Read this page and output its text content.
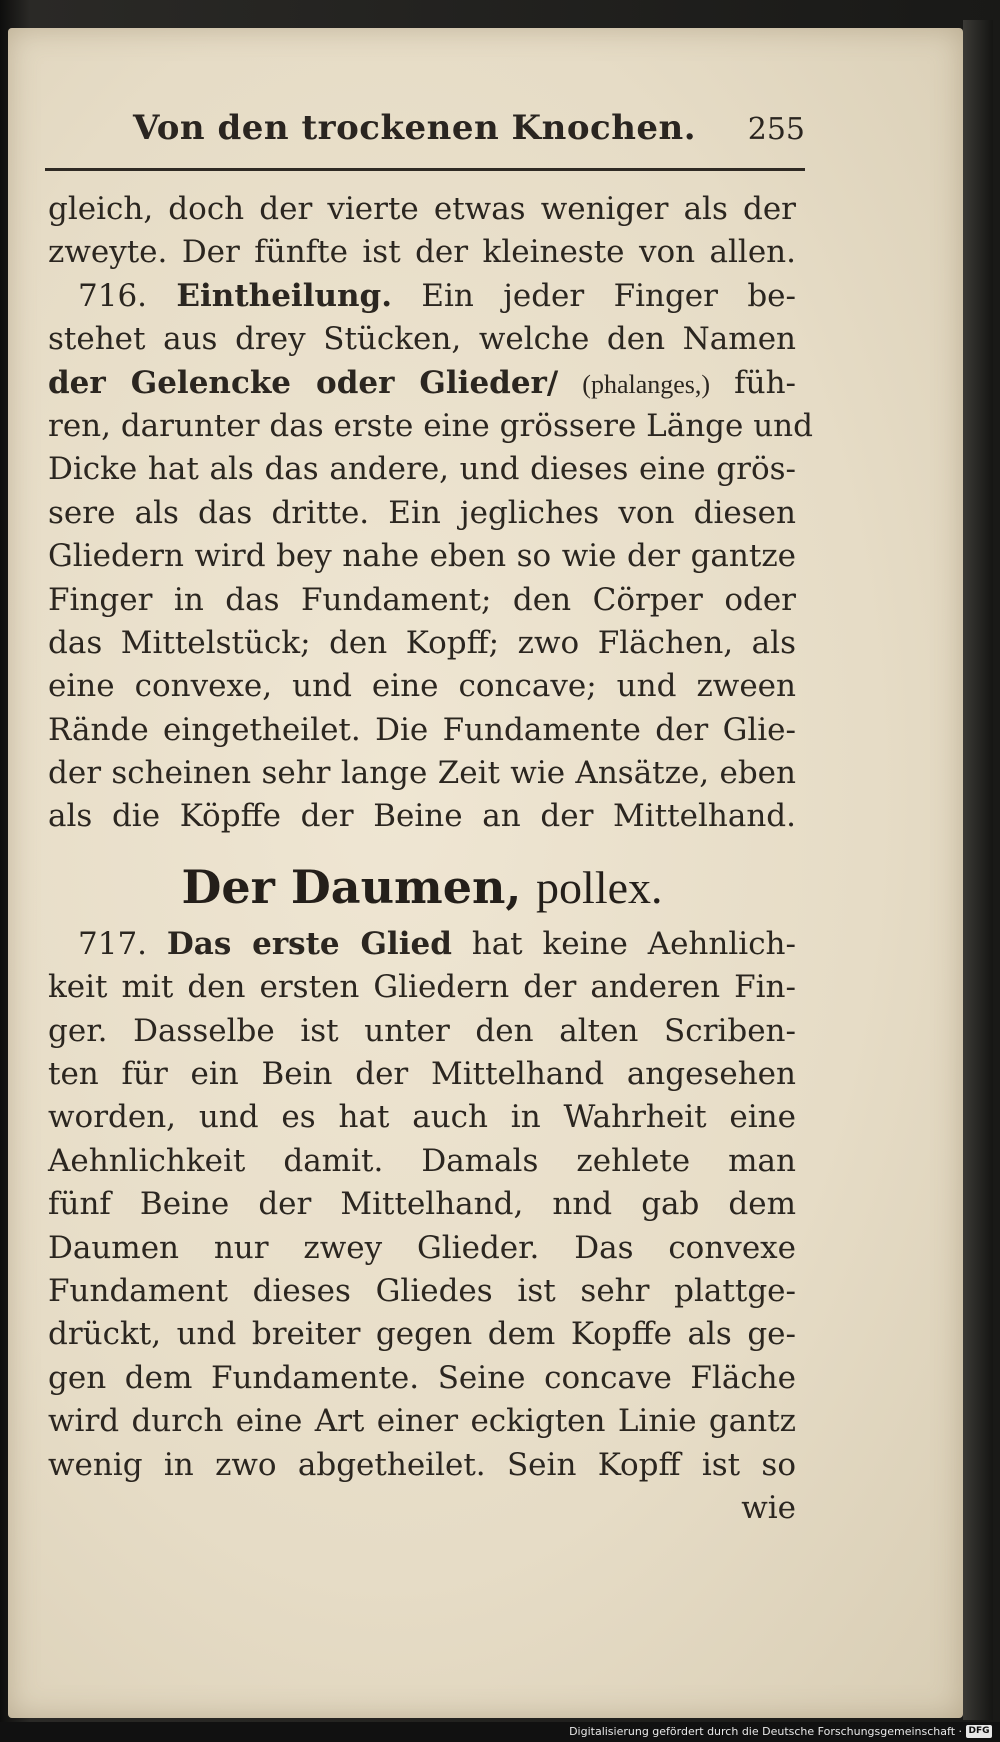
Von den trockenen Knochen. 255
gleich, doch der vierte etwas weniger als der
zweyte. Der fünfte ist der kleineste von allen.
716. Eintheilung. Ein jeder Finger be-
stehet aus drey Stücken, welche den Namen
der Gelencke oder Glieder/ (phalanges,) füh-
ren, darunter das erste eine grössere Länge und
Dicke hat als das andere, und dieses eine grös-
sere als das dritte. Ein jegliches von diesen
Gliedern wird bey nahe eben so wie der gantze
Finger in das Fundament; den Cörper oder
das Mittelstück; den Kopff; zwo Flächen, als
eine convexe, und eine concave; und zween
Rände eingetheilet. Die Fundamente der Glie-
der scheinen sehr lange Zeit wie Ansätze, eben
als die Köpffe der Beine an der Mittelhand.
Der Daumen, pollex.
717. Das erste Glied hat keine Aehnlich-
keit mit den ersten Gliedern der anderen Fin-
ger. Dasselbe ist unter den alten Scriben-
ten für ein Bein der Mittelhand angesehen
worden, und es hat auch in Wahrheit eine
Aehnlichkeit damit. Damals zehlete man
fünf Beine der Mittelhand, nnd gab dem
Daumen nur zwey Glieder. Das convexe
Fundament dieses Gliedes ist sehr plattge-
drückt, und breiter gegen dem Kopffe als ge-
gen dem Fundamente. Seine concave Fläche
wird durch eine Art einer eckigten Linie gantz
wenig in zwo abgetheilet. Sein Kopff ist so
wie
Digitalisierung gefördert durch die Deutsche Forschungsgemeinschaft · DFG
